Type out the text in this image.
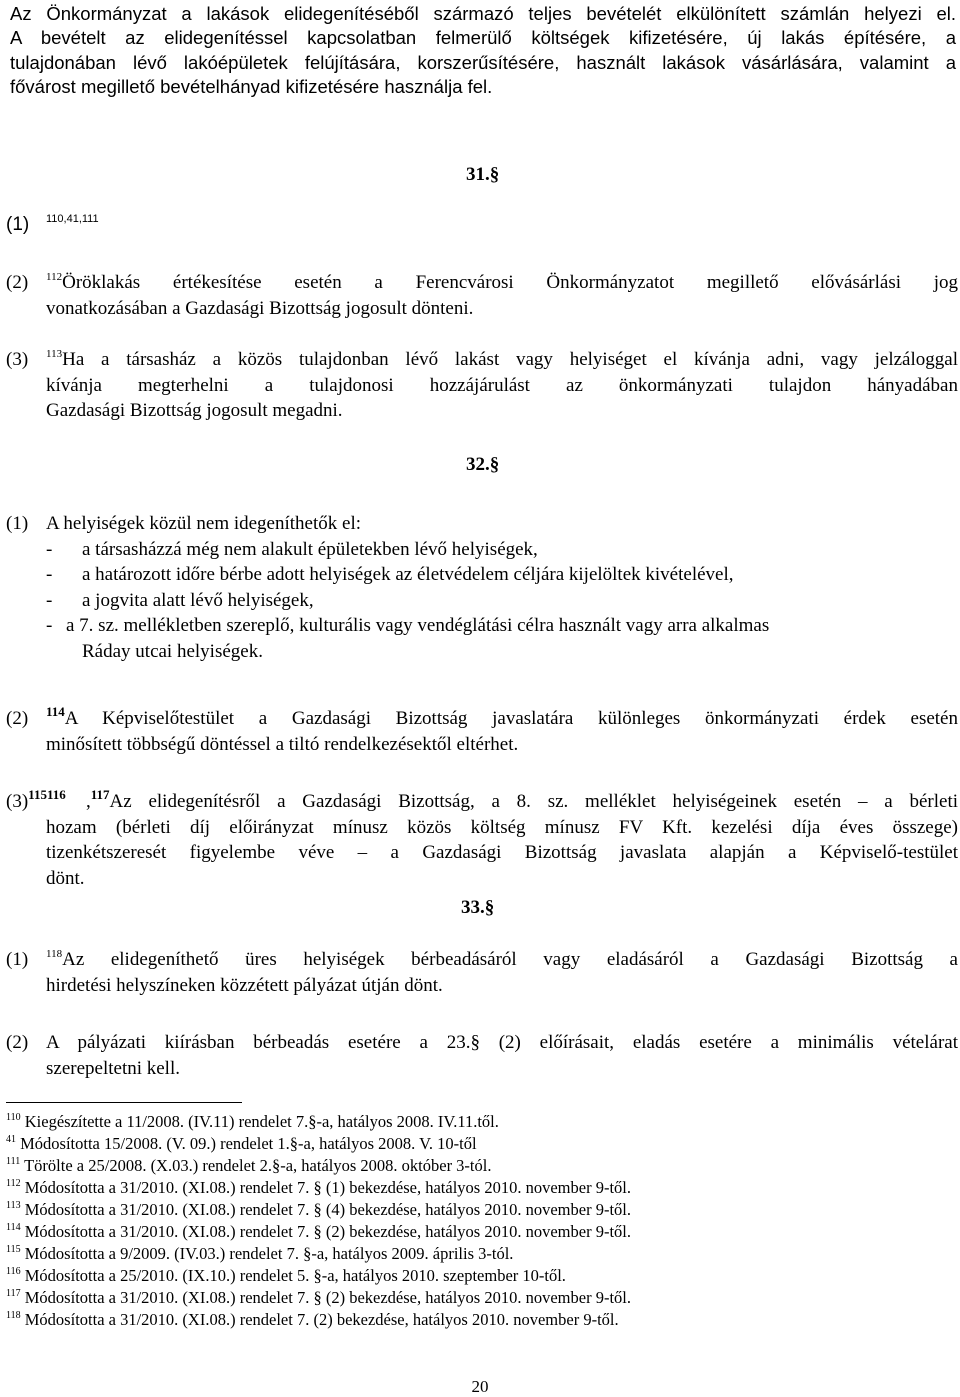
Az Önkormányzat a lakások elidegenítéséből származó teljes bevételét elkülönített számlán helyezi el.
A bevételt az elidegenítéssel kapcsolatban felmerülő költségek kifizetésére, új lakás építésére, a
tulajdonában lévő lakóépületek felújítására, korszerűsítésére, használt lakások vásárlására, valamint a
fővárost megillető bevételhányad kifizetésére használja fel.
31.§
(1) $^{110,41,111}$
(2) $^{112}$Öröklakás értékesítése esetén a Ferencvárosi Önkormányzatot megillető elővásárlási jog
vonatkozásában a Gazdasági Bizottság jogosult dönteni.
(3) $^{113}$Ha a társasház a közös tulajdonban lévő lakást vagy helyiséget el kívánja adni, vagy jelzáloggal
kívánja megterhelni a tulajdonosi hozzájárulást az önkormányzati tulajdon hányadában
Gazdasági Bizottság jogosult megadni.
32.§
(1) A helyiségek közül nem idegeníthetők el:
- a társasházzá még nem alakult épületekben lévő helyiségek,
- a határozott időre bérbe adott helyiségek az életvédelem céljára kijelöltek kivételével,
- a jogvita alatt lévő helyiségek,
- a 7. sz. mellékletben szereplő, kulturális vagy vendéglátási célra használt vagy arra alkalmas
Ráday utcai helyiségek.
(2) $^{114}$A Képviselőtestület a Gazdasági Bizottság javaslatára különleges önkormányzati érdek esetén
minősített többségű döntéssel a tiltó rendelkezésektől eltérhet.
$(3)^{115116}$	,$^{117}$Az elidegenítésről a Gazdasági Bizottság, a 8. sz. melléklet helyiségeinek esetén – a bérleti
hozam (bérleti díj előirányzat mínusz közös költség mínusz FV Kft. kezelési díja éves összege)
tizenkétszeresét figyelembe véve – a Gazdasági Bizottság javaslata alapján a Képviselő-testület
dönt.
33.§
(1) $^{118}$Az elidegeníthető üres helyiségek bérbeadásáról vagy eladásáról a Gazdasági Bizottság a
hirdetési helyszíneken közzétett pályázat útján dönt.
(2) A pályázati kiírásban bérbeadás esetére a 23.§ (2) előírásait, eladás esetére a minimális vételárat
szerepeltetni kell.
$^{110}$ Kiegészítette a 11/2008. (IV.11) rendelet 7.§-a, hatályos 2008. IV.11.től.
$^{41}$ Módosította 15/2008. (V. 09.) rendelet 1.§-a, hatályos 2008. V. 10-től
$^{111}$ Törölte a 25/2008. (X.03.) rendelet 2.§-a, hatályos 2008. október 3-tól.
$^{112}$ Módosította a 31/2010. (XI.08.) rendelet 7. § (1) bekezdése, hatályos 2010. november 9-től.
$^{113}$ Módosította a 31/2010. (XI.08.) rendelet 7. § (4) bekezdése, hatályos 2010. november 9-től.
$^{114}$ Módosította a 31/2010. (XI.08.) rendelet 7. § (2) bekezdése, hatályos 2010. november 9-től.
$^{115}$ Módosította a 9/2009. (IV.03.) rendelet 7. §-a, hatályos 2009. április 3-tól.
$^{116}$ Módosította a 25/2010. (IX.10.) rendelet 5. §-a, hatályos 2010. szeptember 10-től.
$^{117}$ Módosította a 31/2010. (XI.08.) rendelet 7. § (2) bekezdése, hatályos 2010. november 9-től.
$^{118}$ Módosította a 31/2010. (XI.08.) rendelet 7. (2) bekezdése, hatályos 2010. november 9-től.
20
